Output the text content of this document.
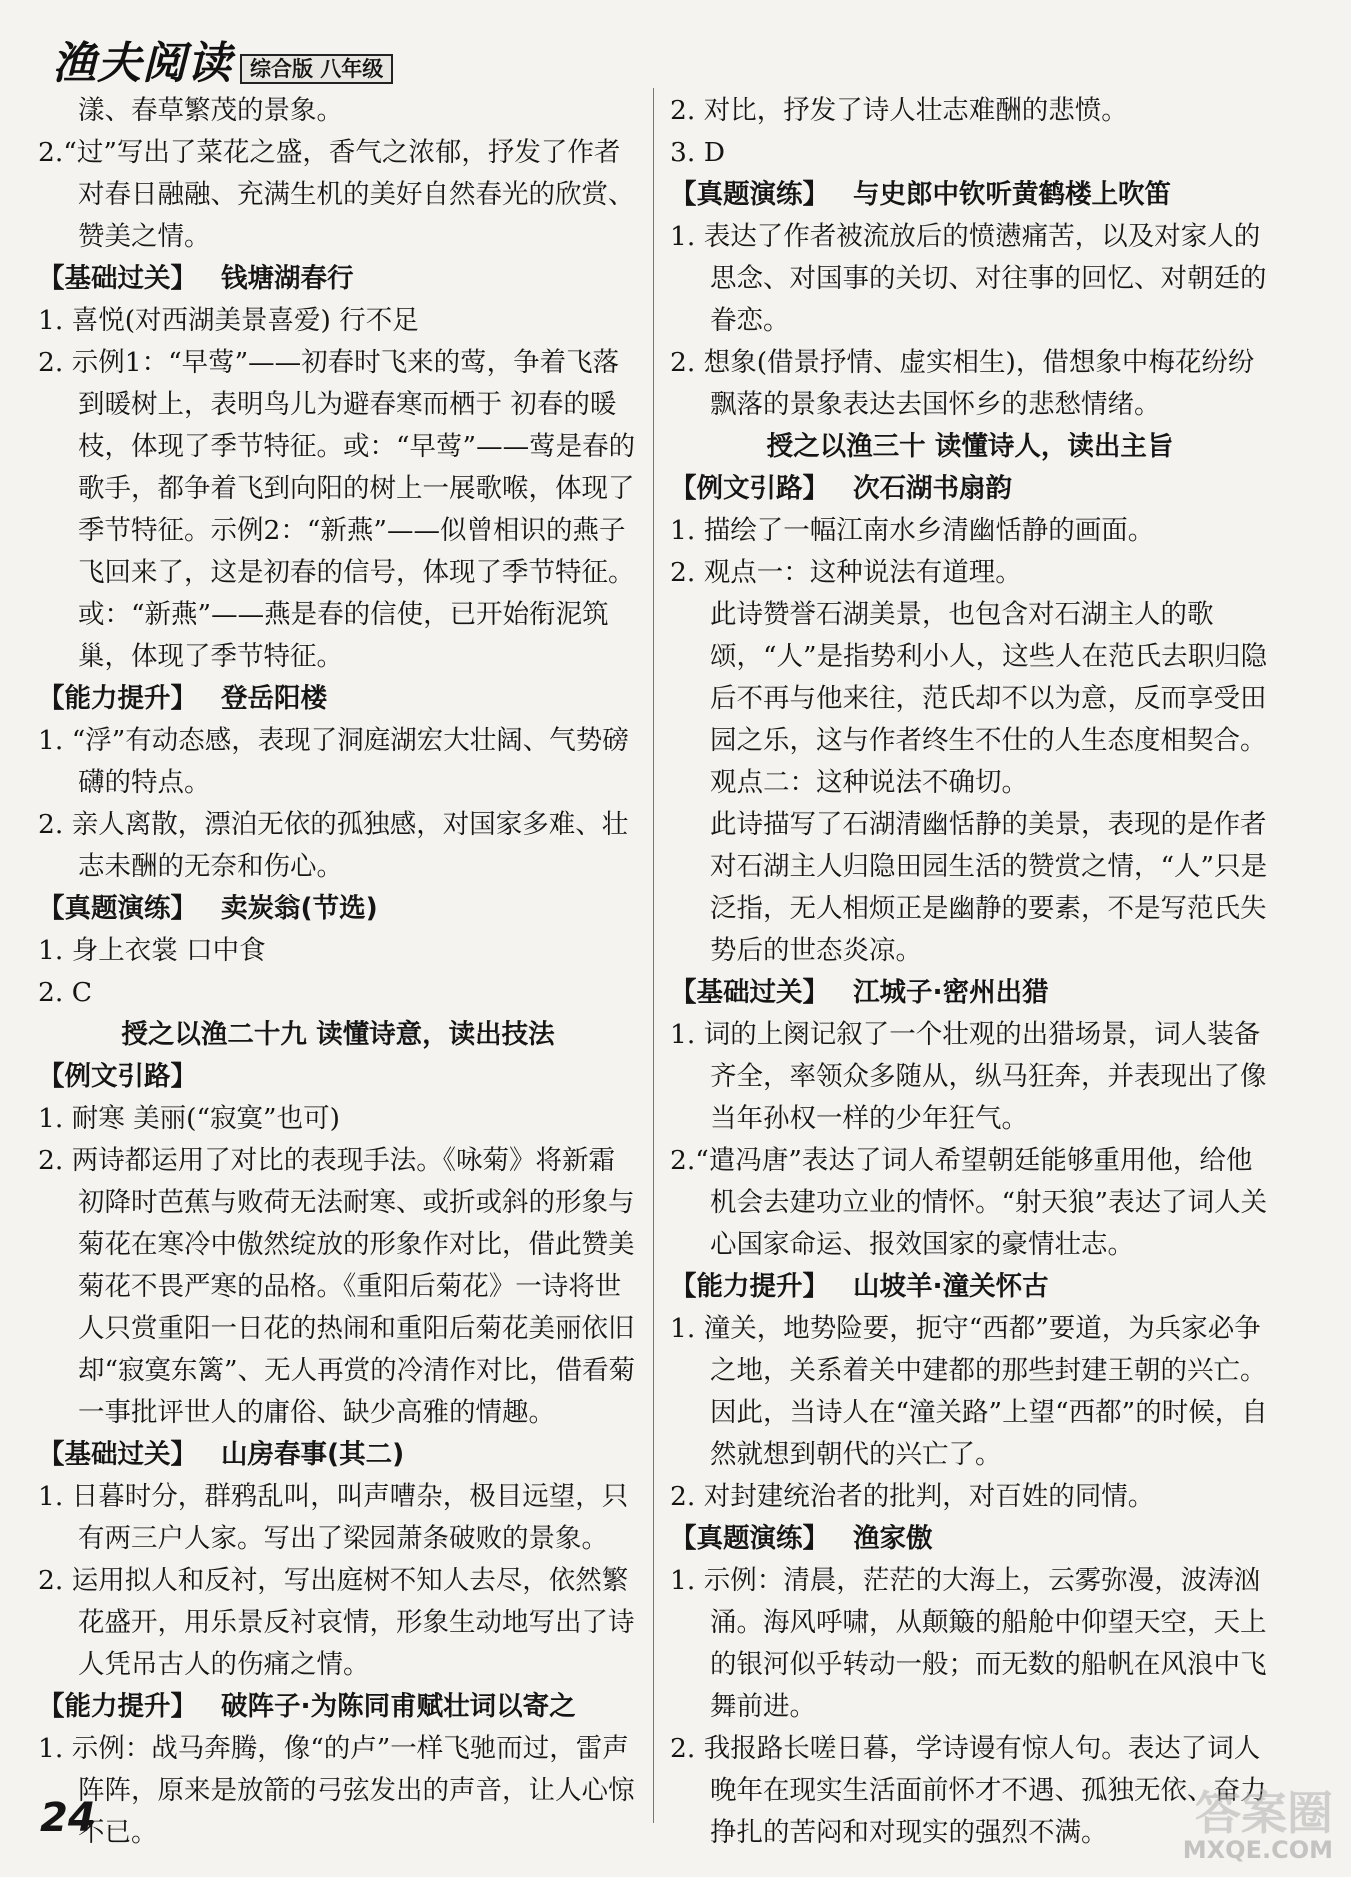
渔夫阅读 综合版 八年级
漾、春草繁茂的景象。
2.“过”写出了菜花之盛，香气之浓郁，抒发了作者对春日融融、充满生机的美好自然春光的欣赏、赞美之情。
【基础过关】 钱塘湖春行
1. 喜悦(对西湖美景喜爱) 行不足
2. 示例1：“早莺”——初春时飞来的莺，争着飞落到暖树上，表明鸟儿为避春寒而栖于 初春的暖枝，体现了季节特征。或：“早莺”——莺是春的歌手，都争着飞到向阳的树上一展歌喉，体现了季节特征。示例2：“新燕”——似曾相识的燕子飞回来了，这是初春的信号，体现了季节特征。或：“新燕”——燕是春的信使，已开始衔泥筑巢，体现了季节特征。
【能力提升】 登岳阳楼
1. “浮”有动态感，表现了洞庭湖宏大壮阔、气势磅礴的特点。
2. 亲人离散，漂泊无依的孤独感，对国家多难、壮志未酬的无奈和伤心。
【真题演练】 卖炭翁(节选)
1. 身上衣裳 口中食
2. C
授之以渔二十九 读懂诗意，读出技法
【例文引路】
1. 耐寒 美丽(“寂寞”也可)
2. 两诗都运用了对比的表现手法。《咏菊》将新霜初降时芭蕉与败荷无法耐寒、或折或斜的形象与菊花在寒冷中傲然绽放的形象作对比，借此赞美菊花不畏严寒的品格。《重阳后菊花》一诗将世人只赏重阳一日花的热闹和重阳后菊花美丽依旧却“寂寞东篱”、无人再赏的冷清作对比，借看菊一事批评世人的庸俗、缺少高雅的情趣。
【基础过关】 山房春事(其二)
1. 日暮时分，群鸦乱叫，叫声嘈杂，极目远望，只有两三户人家。写出了梁园萧条破败的景象。
2. 运用拟人和反衬，写出庭树不知人去尽，依然繁花盛开，用乐景反衬哀情，形象生动地写出了诗人凭吊古人的伤痛之情。
【能力提升】 破阵子·为陈同甫赋壮词以寄之
1. 示例：战马奔腾，像“的卢”一样飞驰而过，雷声阵阵，原来是放箭的弓弦发出的声音，让人心惊不已。
2. 对比，抒发了诗人壮志难酬的悲愤。
3. D
【真题演练】 与史郎中钦听黄鹤楼上吹笛
1. 表达了作者被流放后的愤懑痛苦，以及对家人的思念、对国事的关切、对往事的回忆、对朝廷的眷恋。
2. 想象(借景抒情、虚实相生)，借想象中梅花纷纷飘落的景象表达去国怀乡的悲愁情绪。
授之以渔三十 读懂诗人，读出主旨
【例文引路】 次石湖书扇韵
1. 描绘了一幅江南水乡清幽恬静的画面。
2. 观点一：这种说法有道理。
此诗赞誉石湖美景，也包含对石湖主人的歌颂，“人”是指势利小人，这些人在范氏去职归隐后不再与他来往，范氏却不以为意，反而享受田园之乐，这与作者终生不仕的人生态度相契合。
观点二：这种说法不确切。
此诗描写了石湖清幽恬静的美景，表现的是作者对石湖主人归隐田园生活的赞赏之情，“人”只是泛指，无人相烦正是幽静的要素，不是写范氏失势后的世态炎凉。
【基础过关】 江城子·密州出猎
1. 词的上阕记叙了一个壮观的出猎场景，词人装备齐全，率领众多随从，纵马狂奔，并表现出了像当年孙权一样的少年狂气。
2.“遣冯唐”表达了词人希望朝廷能够重用他，给他机会去建功立业的情怀。“射天狼”表达了词人关心国家命运、报效国家的豪情壮志。
【能力提升】 山坡羊·潼关怀古
1. 潼关，地势险要，扼守“西都”要道，为兵家必争之地，关系着关中建都的那些封建王朝的兴亡。因此，当诗人在“潼关路”上望“西都”的时候，自然就想到朝代的兴亡了。
2. 对封建统治者的批判，对百姓的同情。
【真题演练】 渔家傲
1. 示例：清晨，茫茫的大海上，云雾弥漫，波涛汹涌。海风呼啸，从颠簸的船舱中仰望天空，天上的银河似乎转动一般；而无数的船帆在风浪中飞舞前进。
2. 我报路长嗟日暮，学诗谩有惊人句。表达了词人晚年在现实生活面前怀才不遇、孤独无依、奋力挣扎的苦闷和对现实的强烈不满。
24	答案圈
MXQE.COM
